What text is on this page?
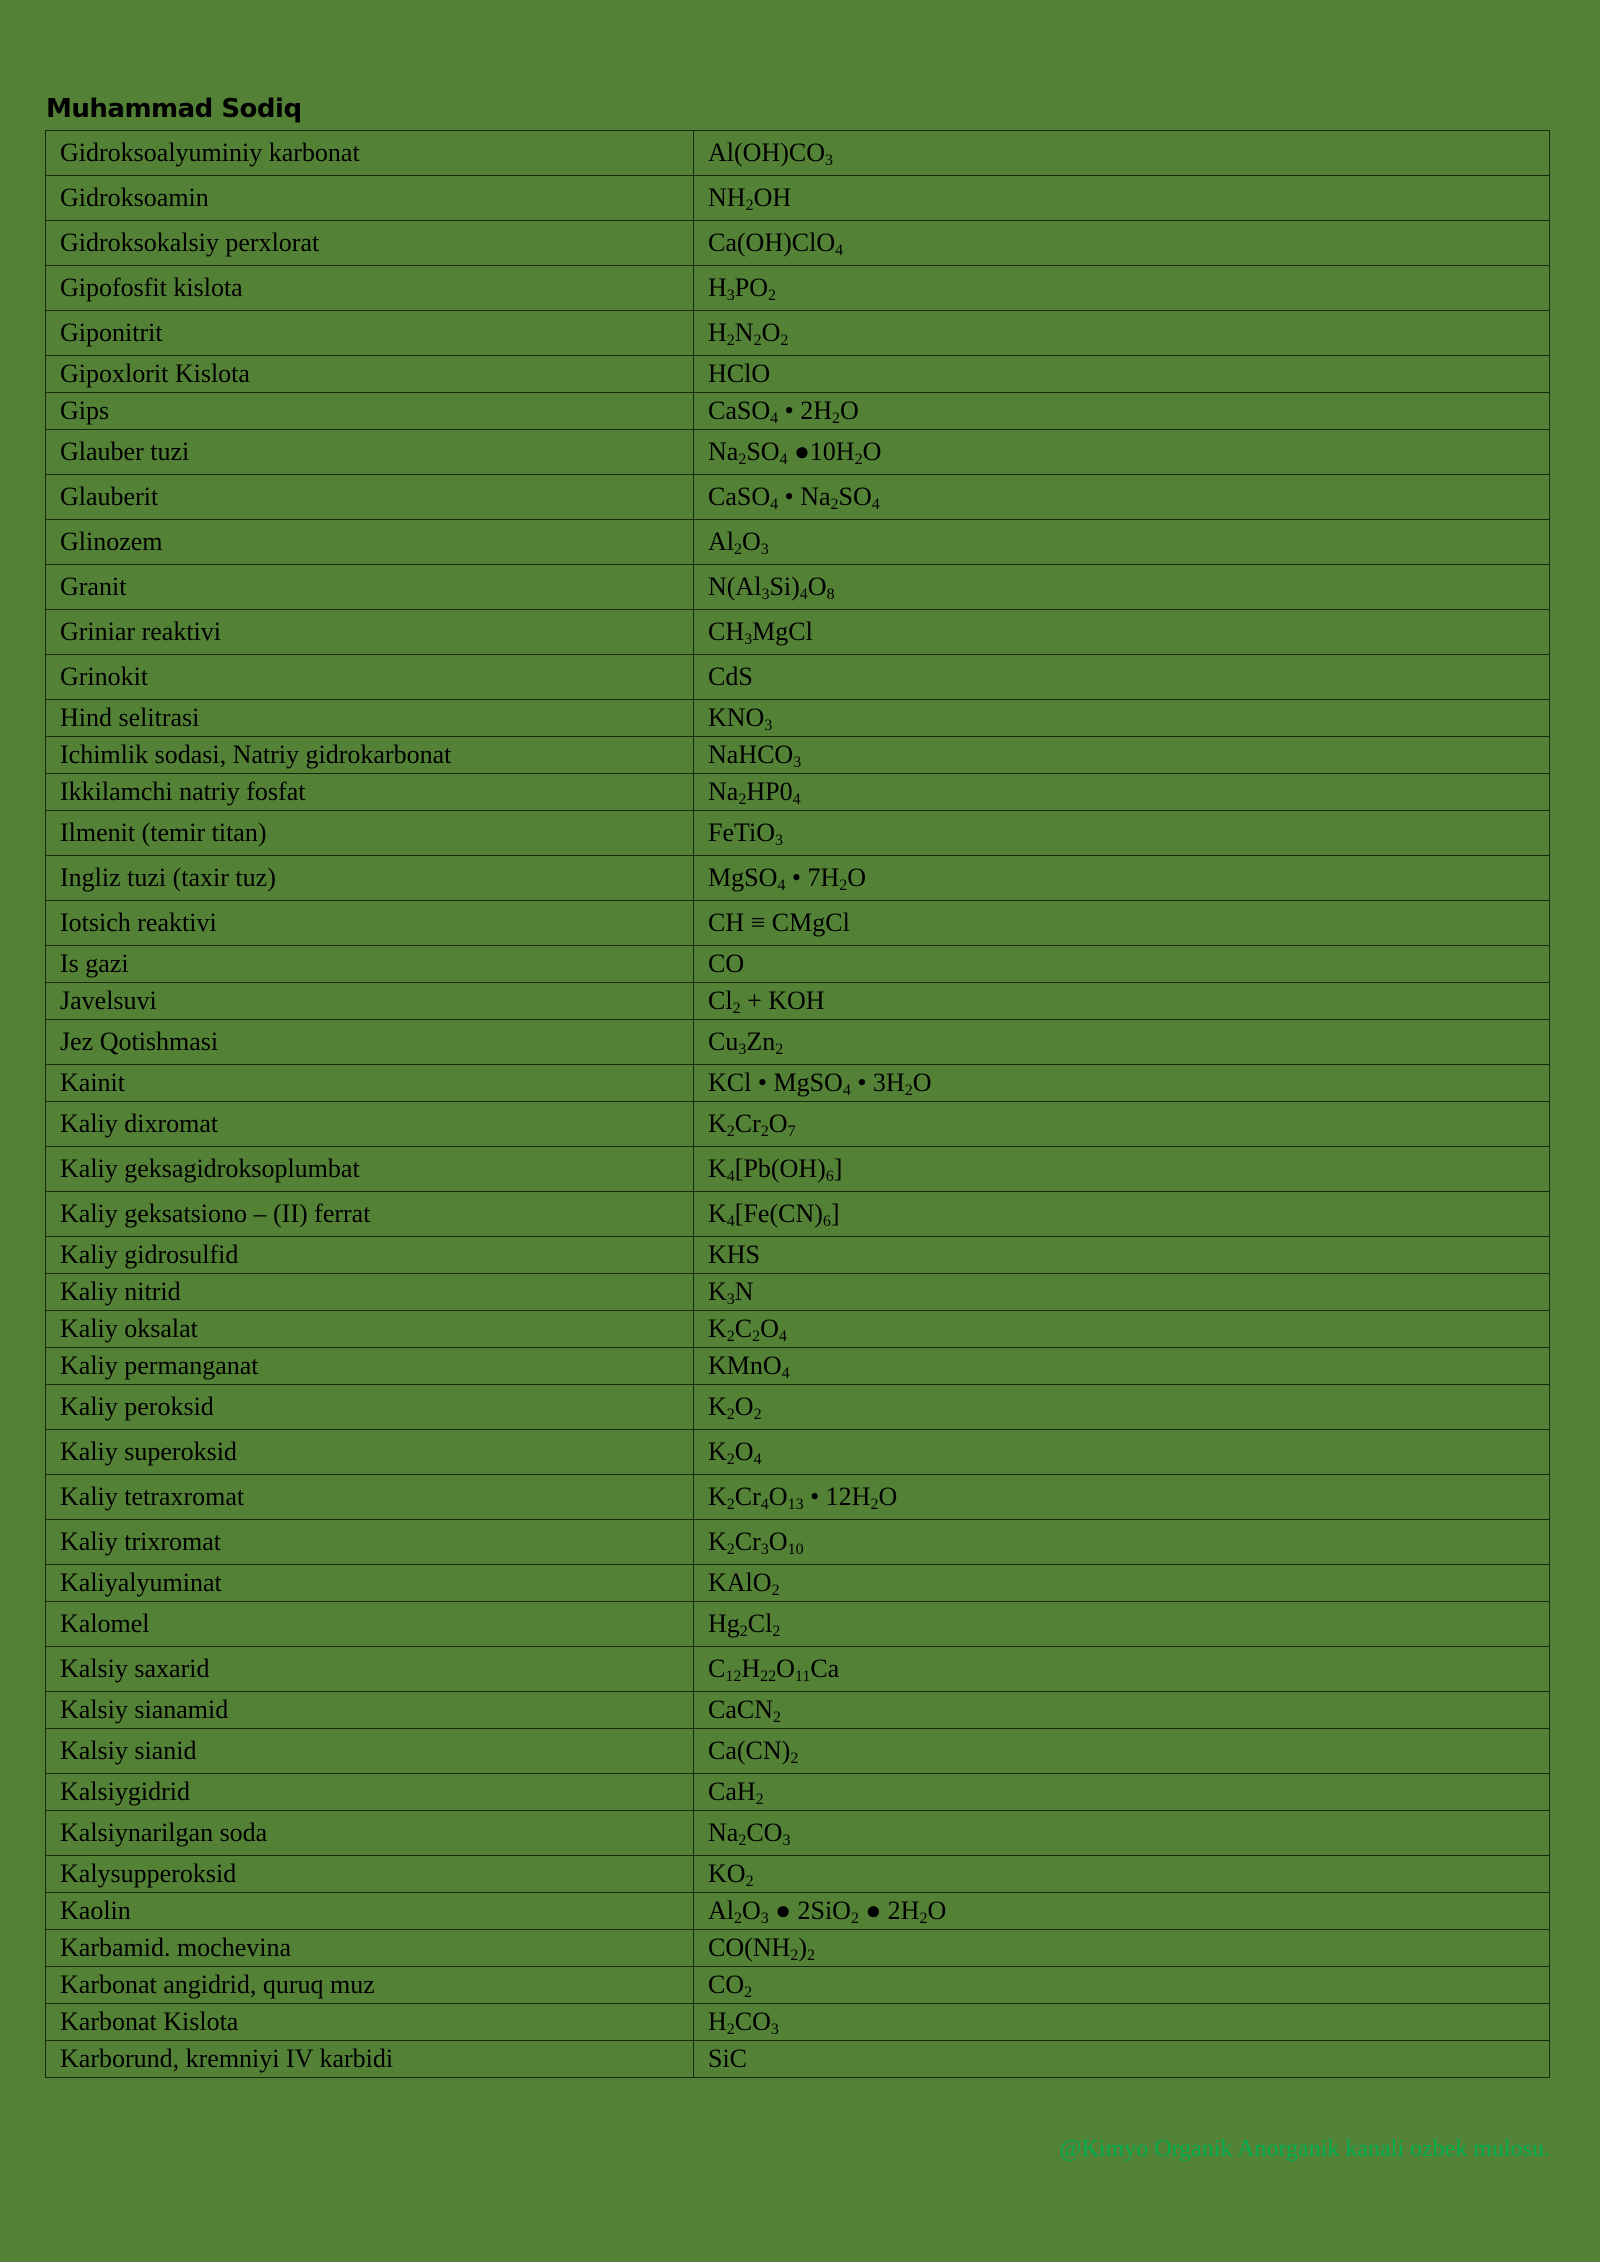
Muhammad Sodiq
Gidroksoalyuminiy karbonat	$Al(OH)CO_3$
Gidroksoamin	$NH_2OH$
Gidroksokalsiy perxlorat	Ca(OH)ClO$_4$
Gipofosfit kislota	$H_3PO_2$
Giponitrit	$H_2N_2O_2$
Gipoxlorit Kislota	HClO
Gips	CaSO$_4$ • $2H_2O$
Glauber tuzi	$Na_2SO_4$ $●10H_2O$
Glauberit	CaSO$_4$ • $Na_2SO_4$
Glinozem	$Al_2O_3$
Granit	$N(Al_3Si)_4O_8$
Griniar reaktivi	$CH_3MgCl$
Grinokit	CdS
Hind selitrasi	$KNO_3$
Ichimlik sodasi, Natriy gidrokarbonat	NaHCO$_3$
Ikkilamchi natriy fosfat	$Na_2HP0_4$
Ilmenit (temir titan)	FeTiO$_3$
Ingliz tuzi (taxir tuz)	MgSO$_4$ • $7H_2O$
Iotsich reaktivi	CH ≡ CMgCl
Is gazi	CO
Javelsuvi	$Cl_2$ + KOH
Jez Qotishmasi	$Cu_3Zn_2$
Kainit	KCl • MgSO$_4$ • $3H_2O$
Kaliy dixromat	$K_2Cr_2O_7$
Kaliy geksagidroksoplumbat	$K_4[Pb(OH)_6]$
Kaliy geksatsiono – (II) ferrat	$K_4[Fe(CN)_6]$
Kaliy gidrosulfid	KHS
Kaliy nitrid	$K_3N$
Kaliy oksalat	$K_2C_2O_4$
Kaliy permanganat	KMnO$_4$
Kaliy peroksid	$K_2O_2$
Kaliy superoksid	$K_2O_4$
Kaliy tetraxromat	$K_2Cr_4O_{13}$ • $12H_2O$
Kaliy trixromat	$K_2Cr_3O_{10}$
Kaliyalyuminat	KAlO$_2$
Kalomel	$Hg_2Cl_2$
Kalsiy saxarid	$C_{12}H_{22}O_{11}Ca$
Kalsiy sianamid	CaCN$_2$
Kalsiy sianid	$Ca(CN)_2$
Kalsiygidrid	CaH$_2$
Kalsiynarilgan soda	$Na_2CO_3$
Kalysupperoksid	$KO_2$
Kaolin	$Al_2O_3$ ● 2SiO$_2$ ● $2H_2O$
Karbamid. mochevina	$CO(NH_2)_2$
Karbonat angidrid, quruq muz	$CO_2$
Karbonat Kislota	$H_2CO_3$
Karborund, kremniyi IV karbidi	SiC
@Kimyo Organik Anorganik kanali ozbek mulosu.
